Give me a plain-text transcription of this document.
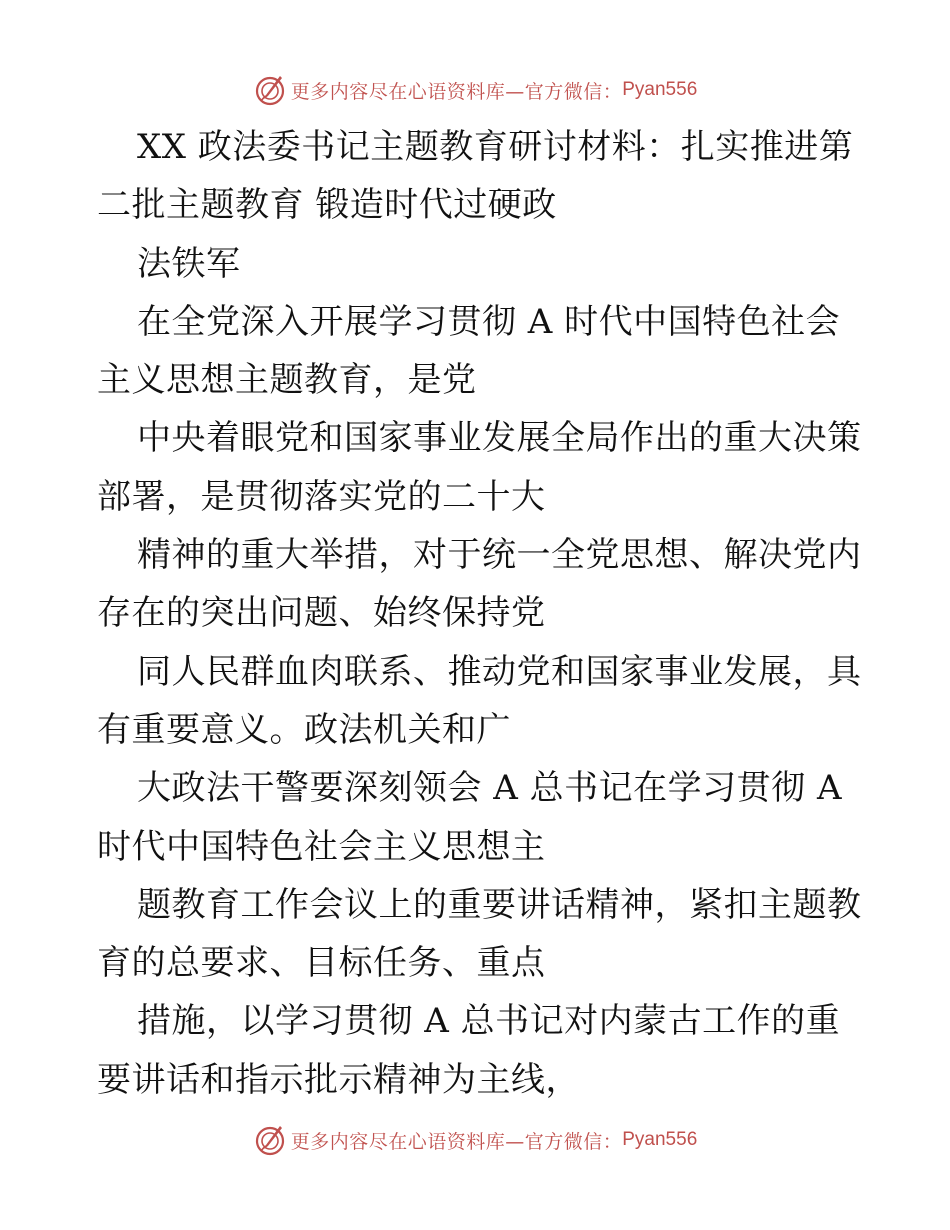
更多内容尽在心语资料库—官方微信： Pyan556
XX 政法委书记主题教育研讨材料：扎实推进第
二批主题教育 锻造时代过硬政
法铁军
在全党深入开展学习贯彻 A 时代中国特色社会
主义思想主题教育，是党
中央着眼党和国家事业发展全局作出的重大决策
部署，是贯彻落实党的二十大
精神的重大举措，对于统一全党思想、解决党内
存在的突出问题、始终保持党
同人民群血肉联系、推动党和国家事业发展，具
有重要意义。政法机关和广
大政法干警要深刻领会 A 总书记在学习贯彻 A
时代中国特色社会主义思想主
题教育工作会议上的重要讲话精神，紧扣主题教
育的总要求、目标任务、重点
措施，以学习贯彻 A 总书记对内蒙古工作的重
要讲话和指示批示精神为主线，
更多内容尽在心语资料库—官方微信： Pyan556
